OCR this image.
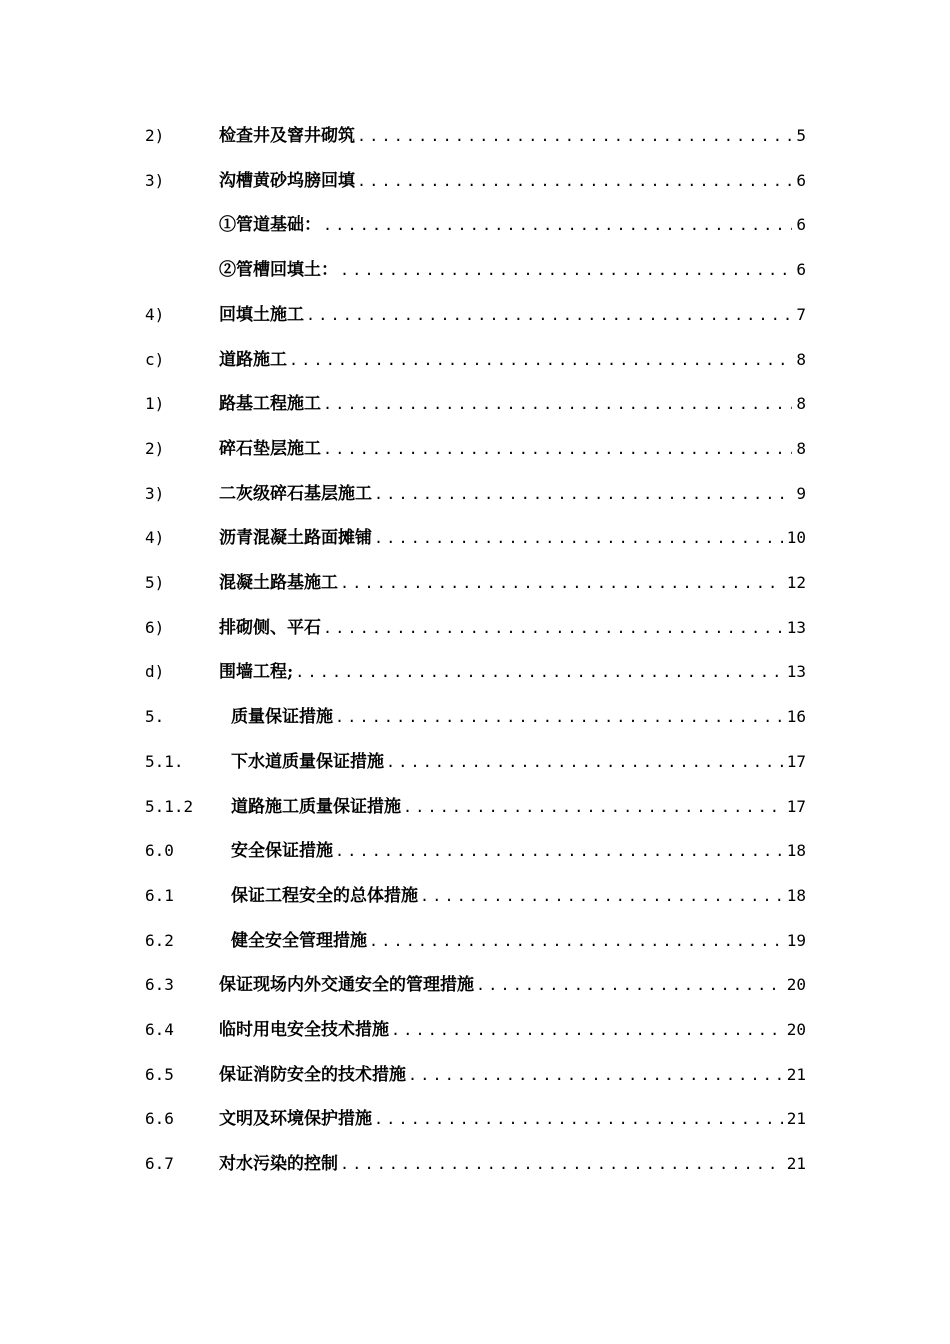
2)	检查井及窨井砌筑 .....	5
3)	沟槽黄砂坞膀回填 .....	6
①管道基础： .....	6
②管槽回填土： .....	6
4)	回填土施工 .....	7
c)	道路施工 .....	8
1)	路基工程施工 .....	8
2)	碎石垫层施工 .....	8
3)	二灰级碎石基层施工 .....	9
4)	沥青混凝土路面摊铺 .....	10
5)	混凝土路基施工 .....	12
6)	排砌侧、平石 .....	13
d)	围墙工程; .....	13
5.	质量保证措施 .....	16
5.1.	下水道质量保证措施 .....	17
5.1.2	道路施工质量保证措施 .....	17
6.0	安全保证措施 .....	18
6.1	保证工程安全的总体措施 .....	18
6.2	健全安全管理措施 .....	19
6.3	保证现场内外交通安全的管理措施 .....	20
6.4	临时用电安全技术措施 .....	20
6.5	保证消防安全的技术措施 .....	21
6.6	文明及环境保护措施 .....	21
6.7	对水污染的控制 .....	21
